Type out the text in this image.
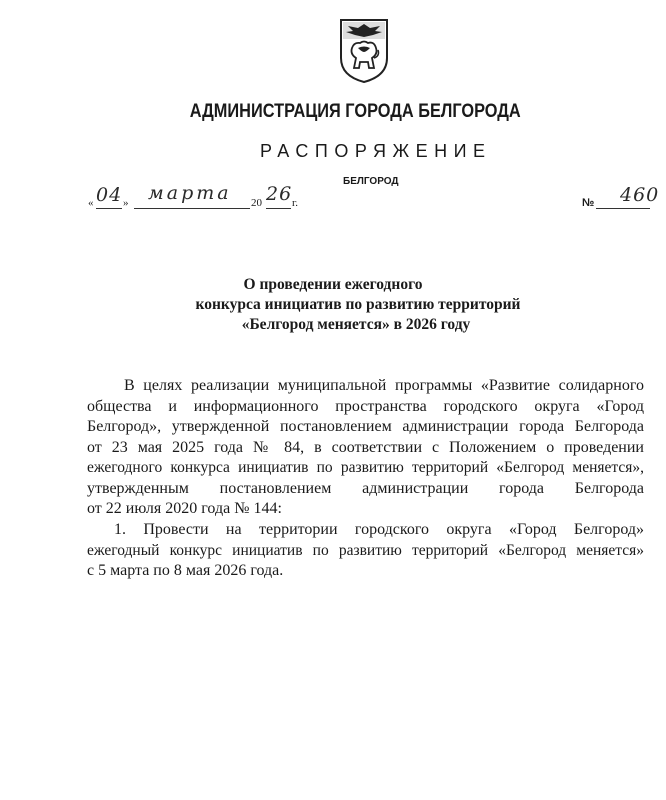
АДМИНИСТРАЦИЯ ГОРОДА БЕЛГОРОДА
РАСПОРЯЖЕНИЕ
БЕЛГОРОД
« 04 » марта 20 26 г.	№ 460
О проведении ежегодного
конкурса инициатив по развитию территорий
«Белгород меняется» в 2026 году
В целях реализации муниципальной программы «Развитие солидарного
общества и информационного пространства городского округа «Город
Белгород», утвержденной постановлением администрации города Белгорода
от 23 мая 2025 года № 84, в соответствии с Положением о проведении
ежегодного конкурса инициатив по развитию территорий «Белгород меняется»,
утвержденным постановлением администрации города Белгорода
от 22 июля 2020 года № 144:
1. Провести на территории городского округа «Город Белгород»
ежегодный конкурс инициатив по развитию территорий «Белгород меняется»
с 5 марта по 8 мая 2026 года.
